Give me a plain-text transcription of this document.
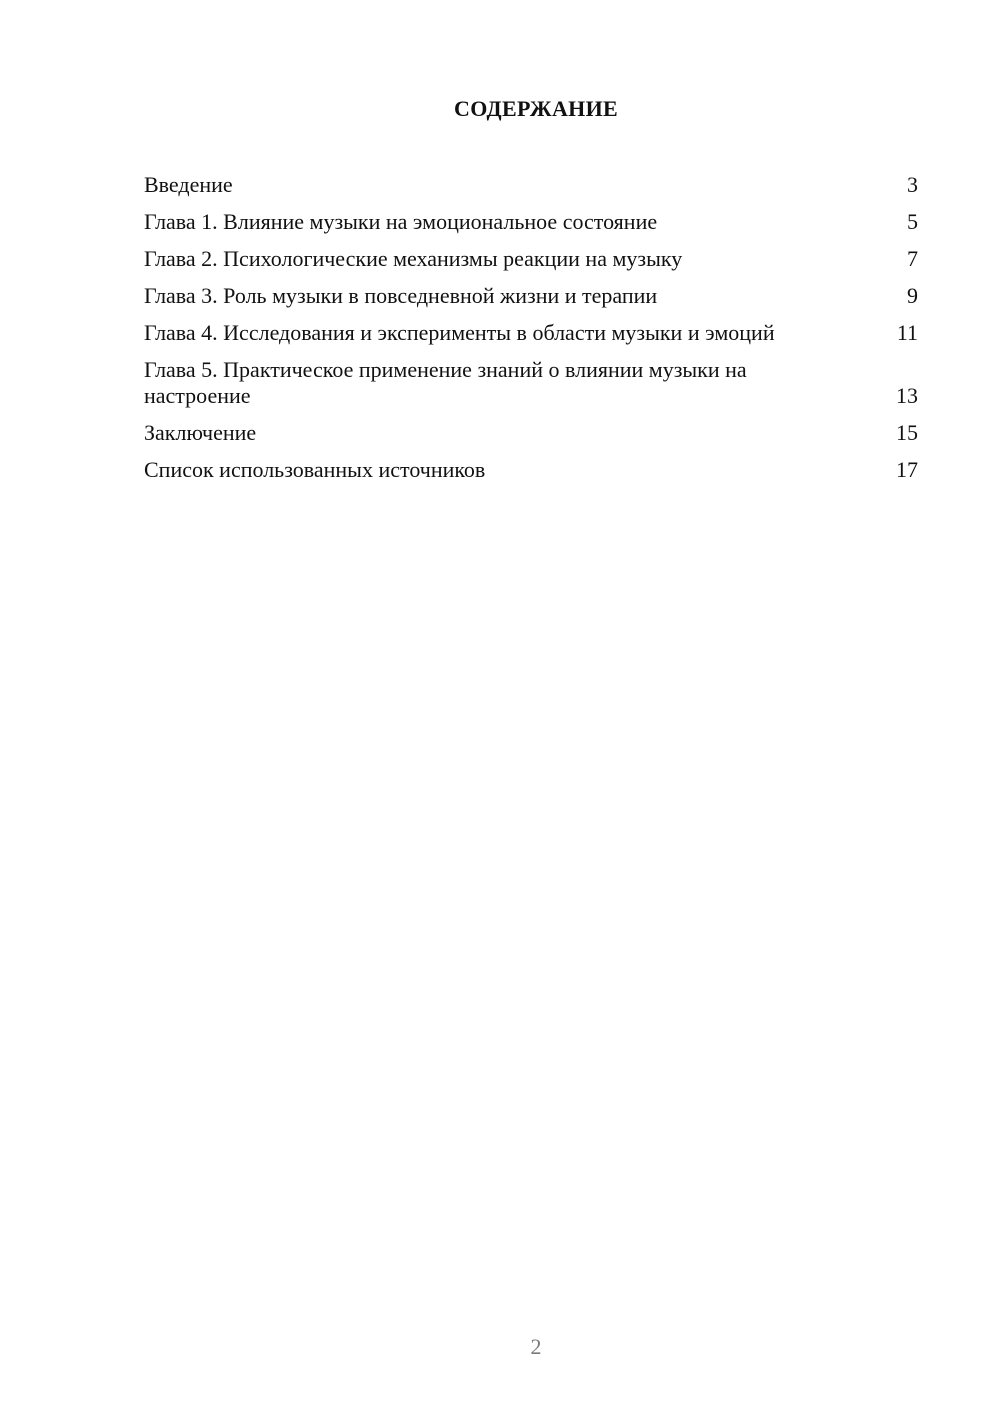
СОДЕРЖАНИЕ
Введение	3
Глава 1. Влияние музыки на эмоциональное состояние	5
Глава 2. Психологические механизмы реакции на музыку	7
Глава 3. Роль музыки в повседневной жизни и терапии	9
Глава 4. Исследования и эксперименты в области музыки и эмоций	11
Глава 5. Практическое применение знаний о влиянии музыки на настроение	13
Заключение	15
Список использованных источников	17
2
